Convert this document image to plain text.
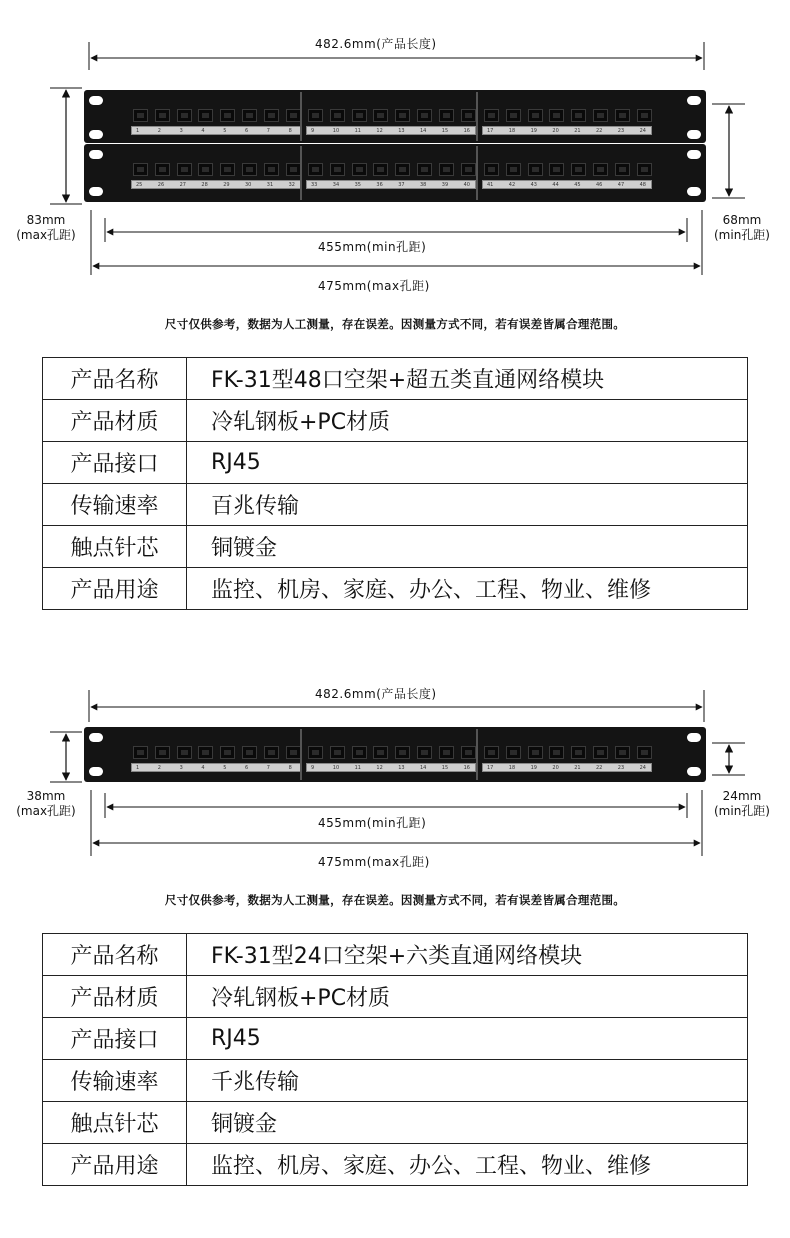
482.6mm(产品长度)
83mm
(max孔距)
68mm
(min孔距)
455mm(min孔距)
475mm(max孔距)
1	2	3	4	5	6	7	8	9	10	11	12	13	14	15	16	17	18	19	20	21	22	23	24
25	26	27	28	29	30	31	32	33	34	35	36	37	38	39	40	41	42	43	44	45	46	47	48
尺寸仅供参考，数据为人工测量，存在误差。因测量方式不同，若有误差皆属合理范围。
产品名称	FK-31型48口空架+超五类直通网络模块
产品材质	冷轧钢板+PC材质
产品接口	RJ45
传输速率	百兆传输
触点针芯	铜镀金
产品用途	监控、机房、家庭、办公、工程、物业、维修
482.6mm(产品长度)
38mm
(max孔距)
24mm
(min孔距)
455mm(min孔距)
475mm(max孔距)
1	2	3	4	5	6	7	8	9	10	11	12	13	14	15	16	17	18	19	20	21	22	23	24
尺寸仅供参考，数据为人工测量，存在误差。因测量方式不同，若有误差皆属合理范围。
产品名称	FK-31型24口空架+六类直通网络模块
产品材质	冷轧钢板+PC材质
产品接口	RJ45
传输速率	千兆传输
触点针芯	铜镀金
产品用途	监控、机房、家庭、办公、工程、物业、维修
